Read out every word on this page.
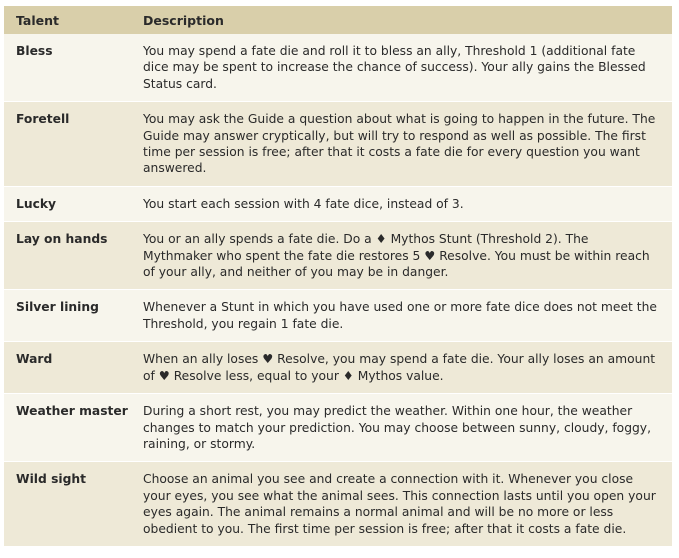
Talent	Description
Bless	You may spend a fate die and roll it to bless an ally, Threshold 1 (additional fate dice may be spent to increase the chance of success). Your ally gains the Blessed Status card.
Foretell	You may ask the Guide a question about what is going to happen in the future. The Guide may answer cryptically, but will try to respond as well as possible. The first time per session is free; after that it costs a fate die for every question you want answered.
Lucky	You start each session with 4 fate dice, instead of 3.
Lay on hands	You or an ally spends a fate die. Do a ♦ Mythos Stunt (Threshold 2). The Mythmaker who spent the fate die restores 5 ♥ Resolve. You must be within reach of your ally, and neither of you may be in danger.
Silver lining	Whenever a Stunt in which you have used one or more fate dice does not meet the Threshold, you regain 1 fate die.
Ward	When an ally loses ♥ Resolve, you may spend a fate die. Your ally loses an amount of ♥ Resolve less, equal to your ♦ Mythos value.
Weather master	During a short rest, you may predict the weather. Within one hour, the weather changes to match your prediction. You may choose between sunny, cloudy, foggy, raining, or stormy.
Wild sight	Choose an animal you see and create a connection with it. Whenever you close your eyes, you see what the animal sees. This connection lasts until you open your eyes again. The animal remains a normal animal and will be no more or less obedient to you. The first time per session is free; after that it costs a fate die.
